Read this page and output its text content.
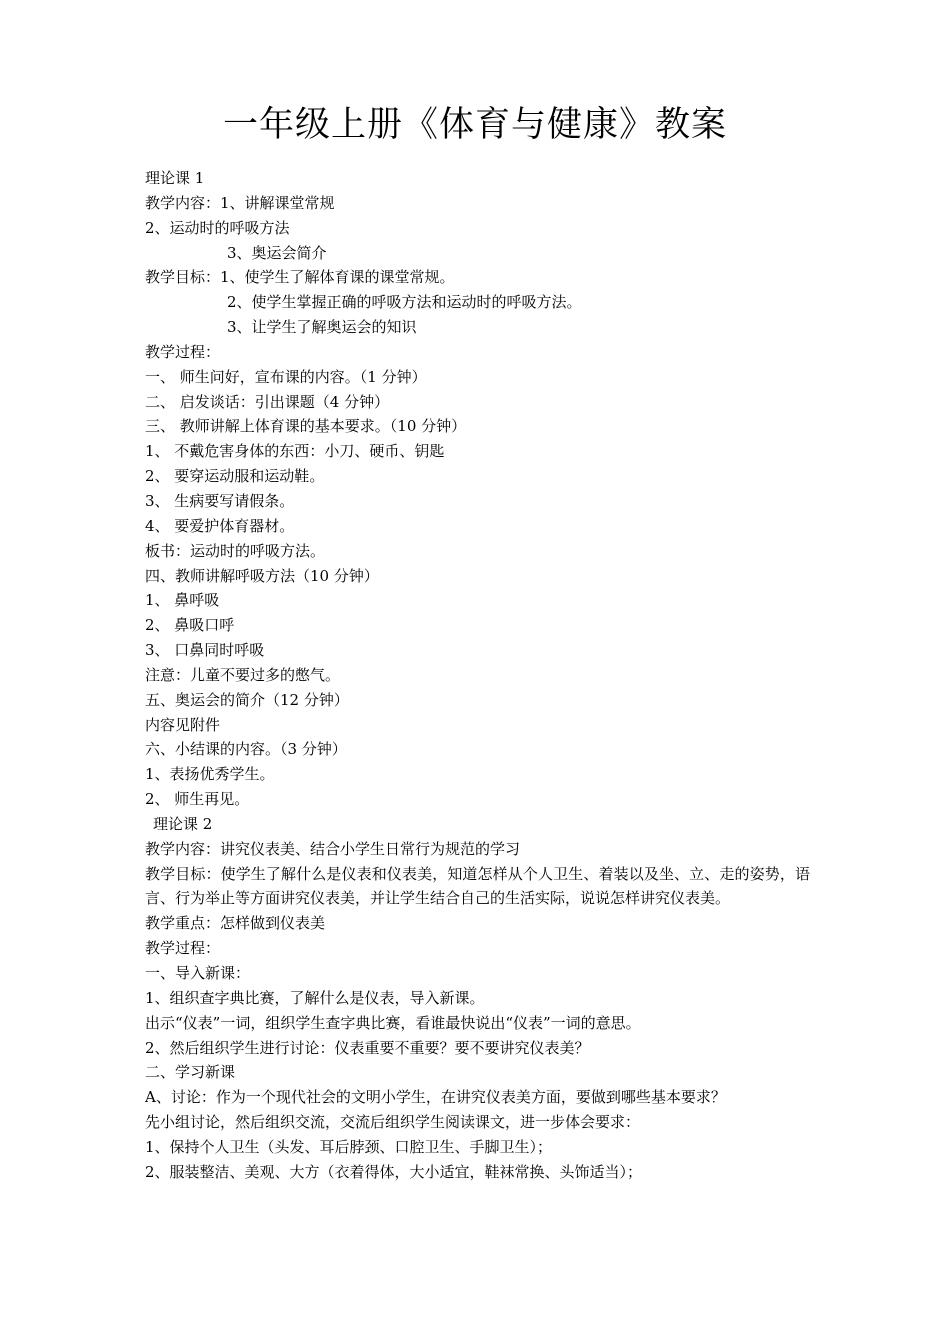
一年级上册《体育与健康》教案
理论课 1
教学内容：1、讲解课堂常规
2、运动时的呼吸方法
3、奥运会简介
教学目标：1、使学生了解体育课的课堂常规。
2、使学生掌握正确的呼吸方法和运动时的呼吸方法。
3、让学生了解奥运会的知识
教学过程：
一、 师生问好，宣布课的内容。（1 分钟）
二、 启发谈话：引出课题（4 分钟）
三、 教师讲解上体育课的基本要求。（10 分钟）
1、 不戴危害身体的东西：小刀、硬币、钥匙
2、 要穿运动服和运动鞋。
3、 生病要写请假条。
4、 要爱护体育器材。
板书：运动时的呼吸方法。
四、教师讲解呼吸方法（10 分钟）
1、 鼻呼吸
2、 鼻吸口呼
3、 口鼻同时呼吸
注意：儿童不要过多的憋气。
五、奥运会的简介（12 分钟）
内容见附件
六、小结课的内容。（3 分钟）
1、表扬优秀学生。
2、 师生再见。
理论课 2
教学内容：讲究仪表美、结合小学生日常行为规范的学习
教学目标：使学生了解什么是仪表和仪表美，知道怎样从个人卫生、着装以及坐、立、走的姿势，语言、行为举止等方面讲究仪表美，并让学生结合自己的生活实际，说说怎样讲究仪表美。
教学重点：怎样做到仪表美
教学过程：
一、导入新课：
1、组织查字典比赛，了解什么是仪表，导入新课。
出示“仪表”一词，组织学生查字典比赛，看谁最快说出“仪表”一词的意思。
2、然后组织学生进行讨论：仪表重要不重要？要不要讲究仪表美？
二、学习新课
A、讨论：作为一个现代社会的文明小学生，在讲究仪表美方面，要做到哪些基本要求？
先小组讨论，然后组织交流，交流后组织学生阅读课文，进一步体会要求：
1、保持个人卫生（头发、耳后脖颈、口腔卫生、手脚卫生）；
2、服装整洁、美观、大方（衣着得体，大小适宜，鞋袜常换、头饰适当）；
